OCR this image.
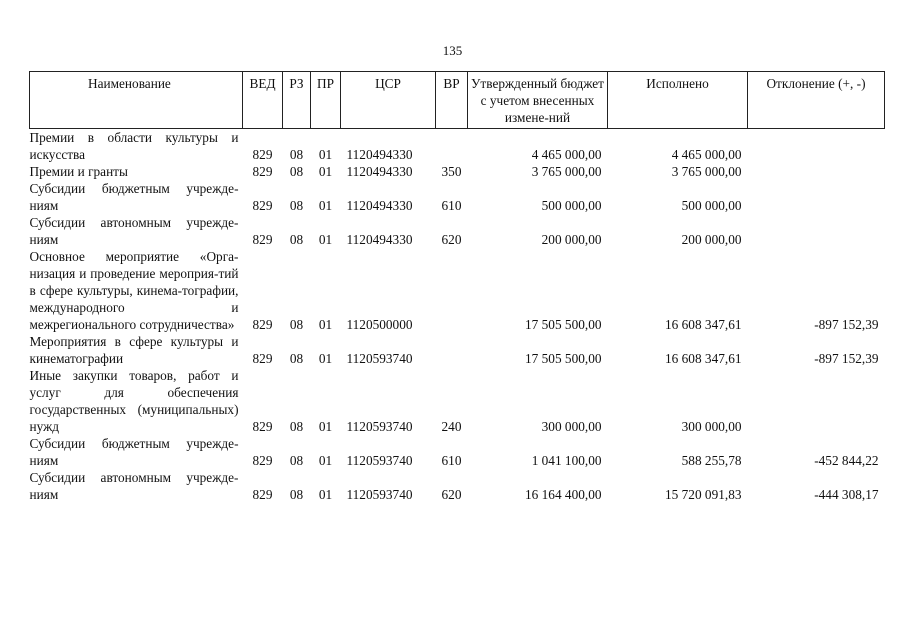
135
Наименование	ВЕД	РЗ	ПР	ЦСР	ВР	Утвержденный бюджет с учетом внесенных измене-ний	Исполнено	Отклонение (+, -)
Премии в области культуры и искусства	829	08	01	1120494330		4 465 000,00	4 465 000,00	
Премии и гранты	829	08	01	1120494330	350	3 765 000,00	3 765 000,00	
Субсидии бюджетным учрежде-ниям	829	08	01	1120494330	610	500 000,00	500 000,00	
Субсидии автономным учрежде-ниям	829	08	01	1120494330	620	200 000,00	200 000,00	
Основное мероприятие «Орга-низация и проведение мероприя-тий в сфере культуры, кинема-тографии, международного и межрегионального сотрудничества»	829	08	01	1120500000		17 505 500,00	16 608 347,61	-897 152,39
Мероприятия в сфере культуры и кинематографии	829	08	01	1120593740		17 505 500,00	16 608 347,61	-897 152,39
Иные закупки товаров, работ и услуг для обеспечения государственных (муниципальных) нужд	829	08	01	1120593740	240	300 000,00	300 000,00	
Субсидии бюджетным учрежде-ниям	829	08	01	1120593740	610	1 041 100,00	588 255,78	-452 844,22
Субсидии автономным учрежде-ниям	829	08	01	1120593740	620	16 164 400,00	15 720 091,83	-444 308,17
